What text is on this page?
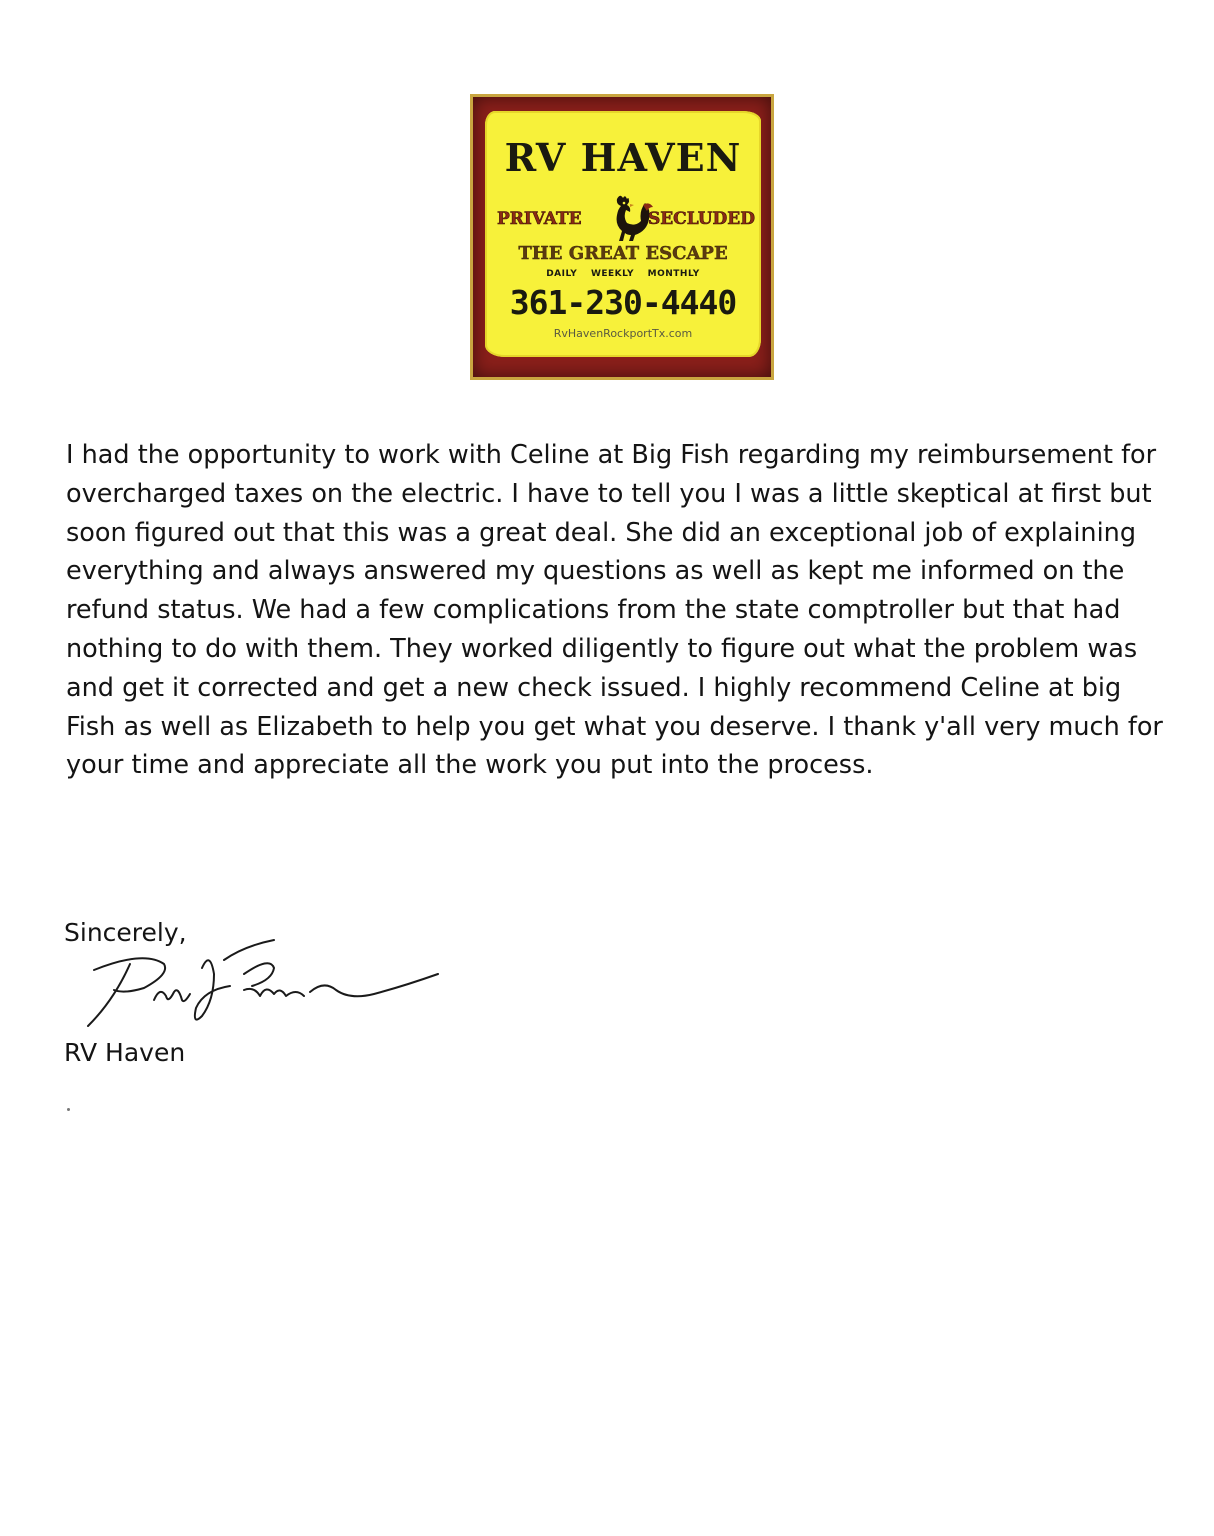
RV HAVEN
PRIVATE	SECLUDED
THE GREAT ESCAPE
DAILY WEEKLY MONTHLY
361-230-4440
RvHavenRockportTx.com

I had the opportunity to work with Celine at Big Fish regarding my reimbursement for overcharged taxes on the electric. I have to tell you I was a little skeptical at first but soon figured out that this was a great deal. She did an exceptional job of explaining everything and always answered my questions as well as kept me informed on the refund status. We had a few complications from the state comptroller but that had nothing to do with them. They worked diligently to figure out what the problem was and get it corrected and get a new check issued. I highly recommend Celine at big Fish as well as Elizabeth to help you get what you deserve. I thank y'all very much for your time and appreciate all the work you put into the process.

Sincerely,
RV Haven
